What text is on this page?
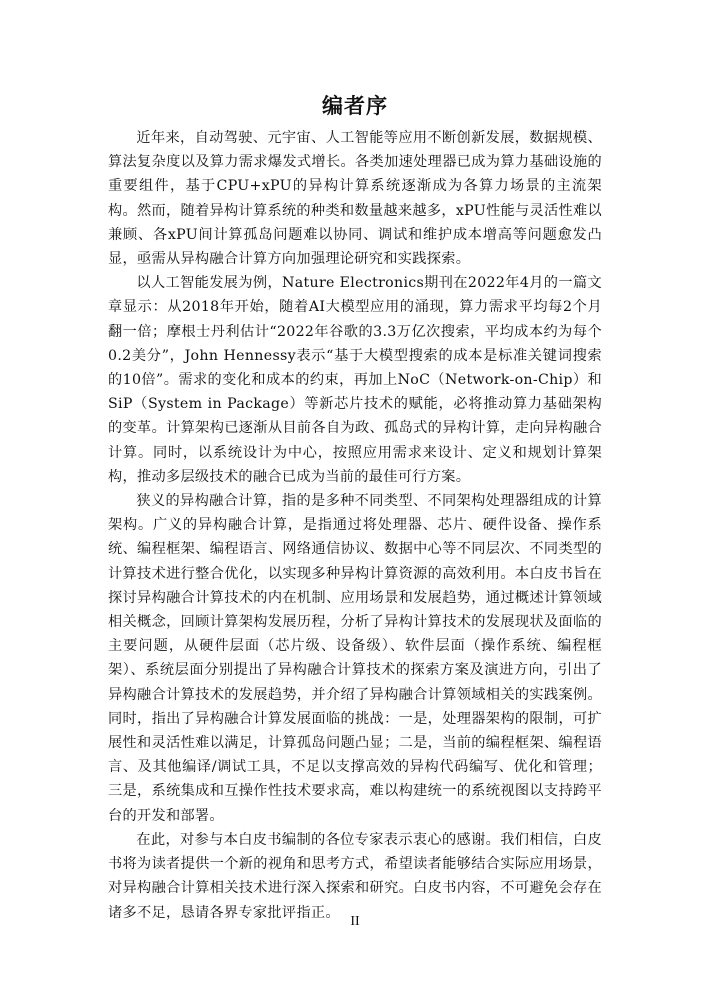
编者序

近年来，自动驾驶、元宇宙、人工智能等应用不断创新发展，数据规模、算法复杂度以及算力需求爆发式增长。各类加速处理器已成为算力基础设施的重要组件，基于CPU+xPU的异构计算系统逐渐成为各算力场景的主流架构。然而，随着异构计算系统的种类和数量越来越多，xPU性能与灵活性难以兼顾、各xPU间计算孤岛问题难以协同、调试和维护成本增高等问题愈发凸显，亟需从异构融合计算方向加强理论研究和实践探索。

以人工智能发展为例，Nature Electronics期刊在2022年4月的一篇文章显示：从2018年开始，随着AI大模型应用的涌现，算力需求平均每2个月翻一倍；摩根士丹利估计“2022年谷歌的3.3万亿次搜索，平均成本约为每个0.2美分”，John Hennessy表示“基于大模型搜索的成本是标准关键词搜索的10倍”。需求的变化和成本的约束，再加上NoC（Network-on-Chip）和SiP（System in Package）等新芯片技术的赋能，必将推动算力基础架构的变革。计算架构已逐渐从目前各自为政、孤岛式的异构计算，走向异构融合计算。同时，以系统设计为中心，按照应用需求来设计、定义和规划计算架构，推动多层级技术的融合已成为当前的最佳可行方案。

狭义的异构融合计算，指的是多种不同类型、不同架构处理器组成的计算架构。广义的异构融合计算，是指通过将处理器、芯片、硬件设备、操作系统、编程框架、编程语言、网络通信协议、数据中心等不同层次、不同类型的计算技术进行整合优化，以实现多种异构计算资源的高效利用。本白皮书旨在探讨异构融合计算技术的内在机制、应用场景和发展趋势，通过概述计算领域相关概念，回顾计算架构发展历程，分析了异构计算技术的发展现状及面临的主要问题，从硬件层面（芯片级、设备级）、软件层面（操作系统、编程框架）、系统层面分别提出了异构融合计算技术的探索方案及演进方向，引出了异构融合计算技术的发展趋势，并介绍了异构融合计算领域相关的实践案例。同时，指出了异构融合计算发展面临的挑战：一是，处理器架构的限制，可扩展性和灵活性难以满足，计算孤岛问题凸显；二是，当前的编程框架、编程语言、及其他编译/调试工具，不足以支撑高效的异构代码编写、优化和管理；三是，系统集成和互操作性技术要求高，难以构建统一的系统视图以支持跨平台的开发和部署。

在此，对参与本白皮书编制的各位专家表示衷心的感谢。我们相信，白皮书将为读者提供一个新的视角和思考方式，希望读者能够结合实际应用场景，对异构融合计算相关技术进行深入探索和研究。白皮书内容，不可避免会存在诸多不足，恳请各界专家批评指正。

II
